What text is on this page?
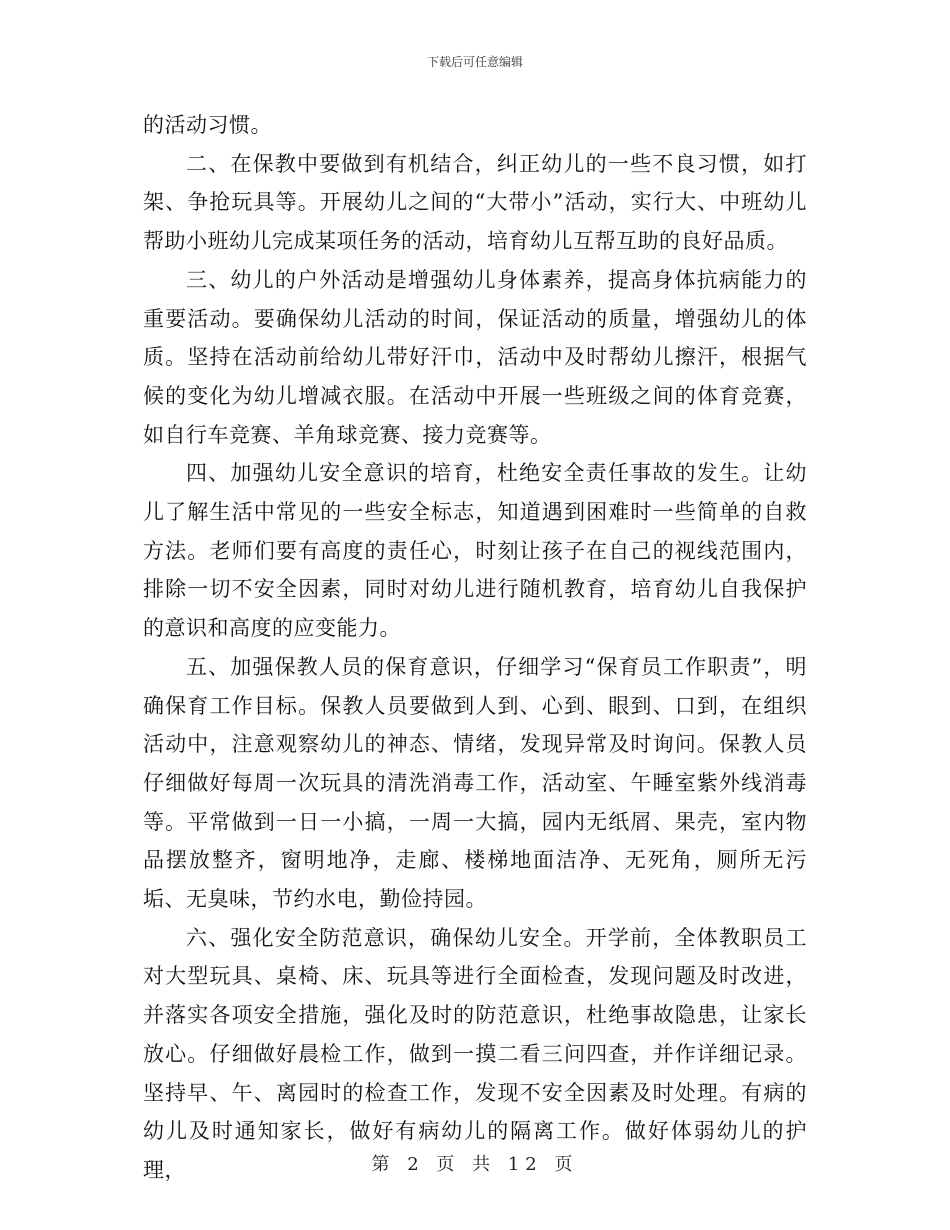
下载后可任意编辑

的活动习惯。

二、在保教中要做到有机结合，纠正幼儿的一些不良习惯，如打架、争抢玩具等。开展幼儿之间的“大带小”活动，实行大、中班幼儿帮助小班幼儿完成某项任务的活动，培育幼儿互帮互助的良好品质。

三、幼儿的户外活动是增强幼儿身体素养，提高身体抗病能力的重要活动。要确保幼儿活动的时间，保证活动的质量，增强幼儿的体质。坚持在活动前给幼儿带好汗巾，活动中及时帮幼儿擦汗，根据气候的变化为幼儿增减衣服。在活动中开展一些班级之间的体育竞赛，如自行车竞赛、羊角球竞赛、接力竞赛等。

四、加强幼儿安全意识的培育，杜绝安全责任事故的发生。让幼儿了解生活中常见的一些安全标志，知道遇到困难时一些简单的自救方法。老师们要有高度的责任心，时刻让孩子在自己的视线范围内，排除一切不安全因素，同时对幼儿进行随机教育，培育幼儿自我保护的意识和高度的应变能力。

五、加强保教人员的保育意识，仔细学习“保育员工作职责”，明确保育工作目标。保教人员要做到人到、心到、眼到、口到，在组织活动中，注意观察幼儿的神态、情绪，发现异常及时询问。保教人员仔细做好每周一次玩具的清洗消毒工作，活动室、午睡室紫外线消毒等。平常做到一日一小搞，一周一大搞，园内无纸屑、果壳，室内物品摆放整齐，窗明地净，走廊、楼梯地面洁净、无死角，厕所无污垢、无臭味，节约水电，勤俭持园。

六、强化安全防范意识，确保幼儿安全。开学前，全体教职员工对大型玩具、桌椅、床、玩具等进行全面检查，发现问题及时改进，并落实各项安全措施，强化及时的防范意识，杜绝事故隐患，让家长放心。仔细做好晨检工作，做到一摸二看三问四查，并作详细记录。坚持早、午、离园时的检查工作，发现不安全因素及时处理。有病的幼儿及时通知家长，做好有病幼儿的隔离工作。做好体弱幼儿的护理，	第 2 页 共 12 页
